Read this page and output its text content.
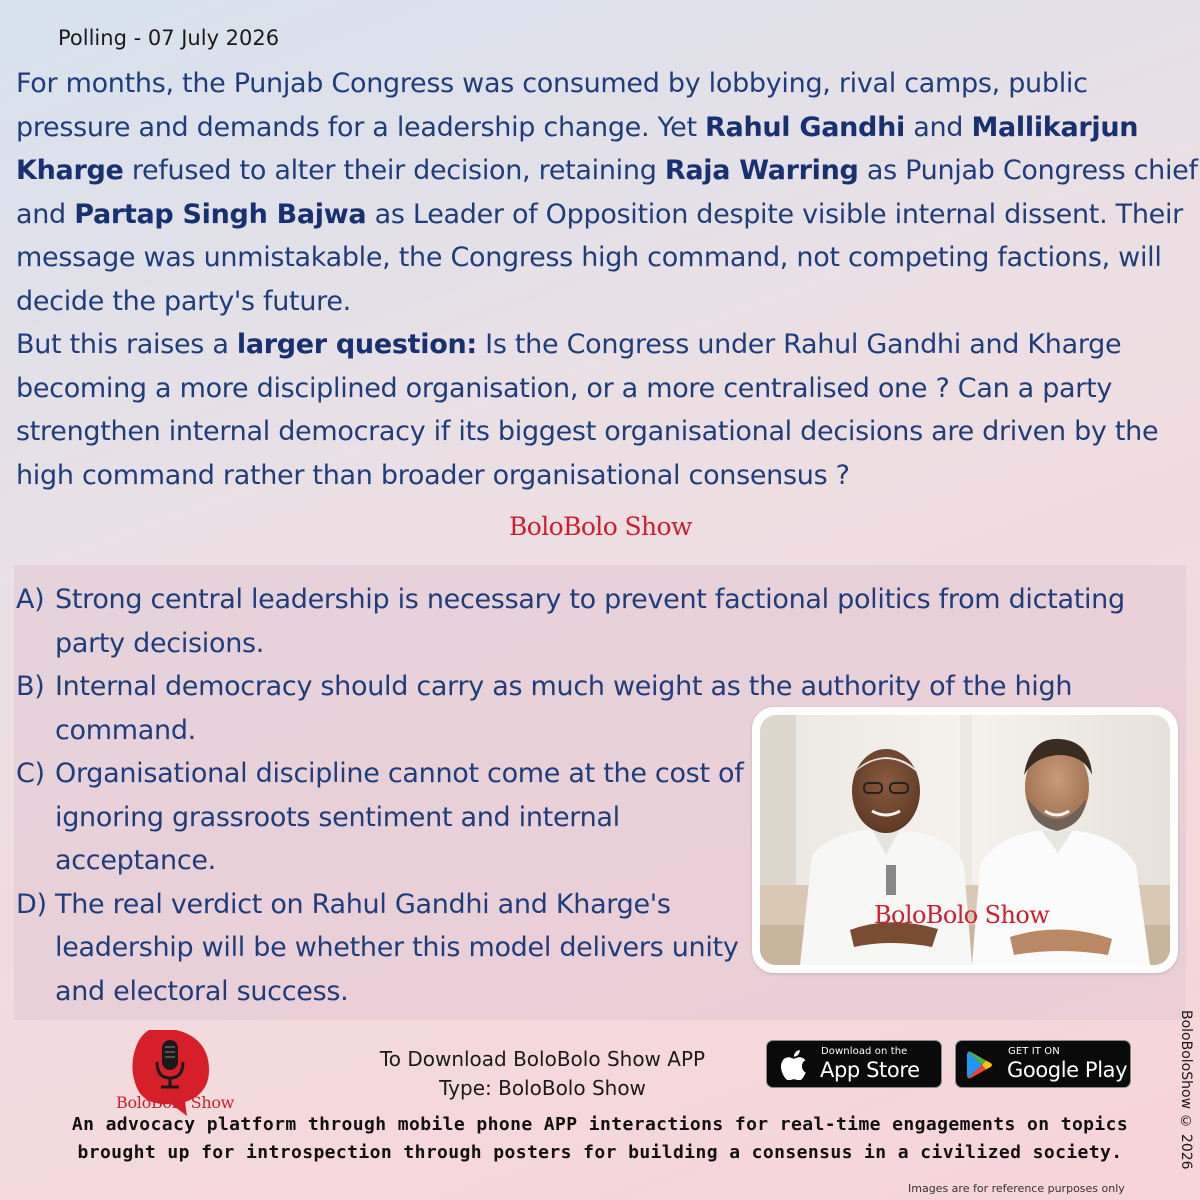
Polling - 07 July 2026
For months, the Punjab Congress was consumed by lobbying, rival camps, public pressure and demands for a leadership change. Yet Rahul Gandhi and Mallikarjun Kharge refused to alter their decision, retaining Raja Warring as Punjab Congress chief and Partap Singh Bajwa as Leader of Opposition despite visible internal dissent. Their message was unmistakable, the Congress high command, not competing factions, will decide the party's future.
But this raises a larger question: Is the Congress under Rahul Gandhi and Kharge becoming a more disciplined organisation, or a more centralised one ? Can a party strengthen internal democracy if its biggest organisational decisions are driven by the high command rather than broader organisational consensus ?
BoloBolo Show
A) Strong central leadership is necessary to prevent factional politics from dictating party decisions.
B) Internal democracy should carry as much weight as the authority of the high command.
C) Organisational discipline cannot come at the cost of ignoring grassroots sentiment and internal acceptance.
D) The real verdict on Rahul Gandhi and Kharge's leadership will be whether this model delivers unity and electoral success.
BoloBolo Show
BoloBoloShow © 2026
BoloBolo Show
To Download BoloBolo Show APP
Type: BoloBolo Show
Download on the
App Store
GET IT ON
Google Play
An advocacy platform through mobile phone APP interactions for real-time engagements on topics brought up for introspection through posters for building a consensus in a civilized society.
Images are for reference purposes only
